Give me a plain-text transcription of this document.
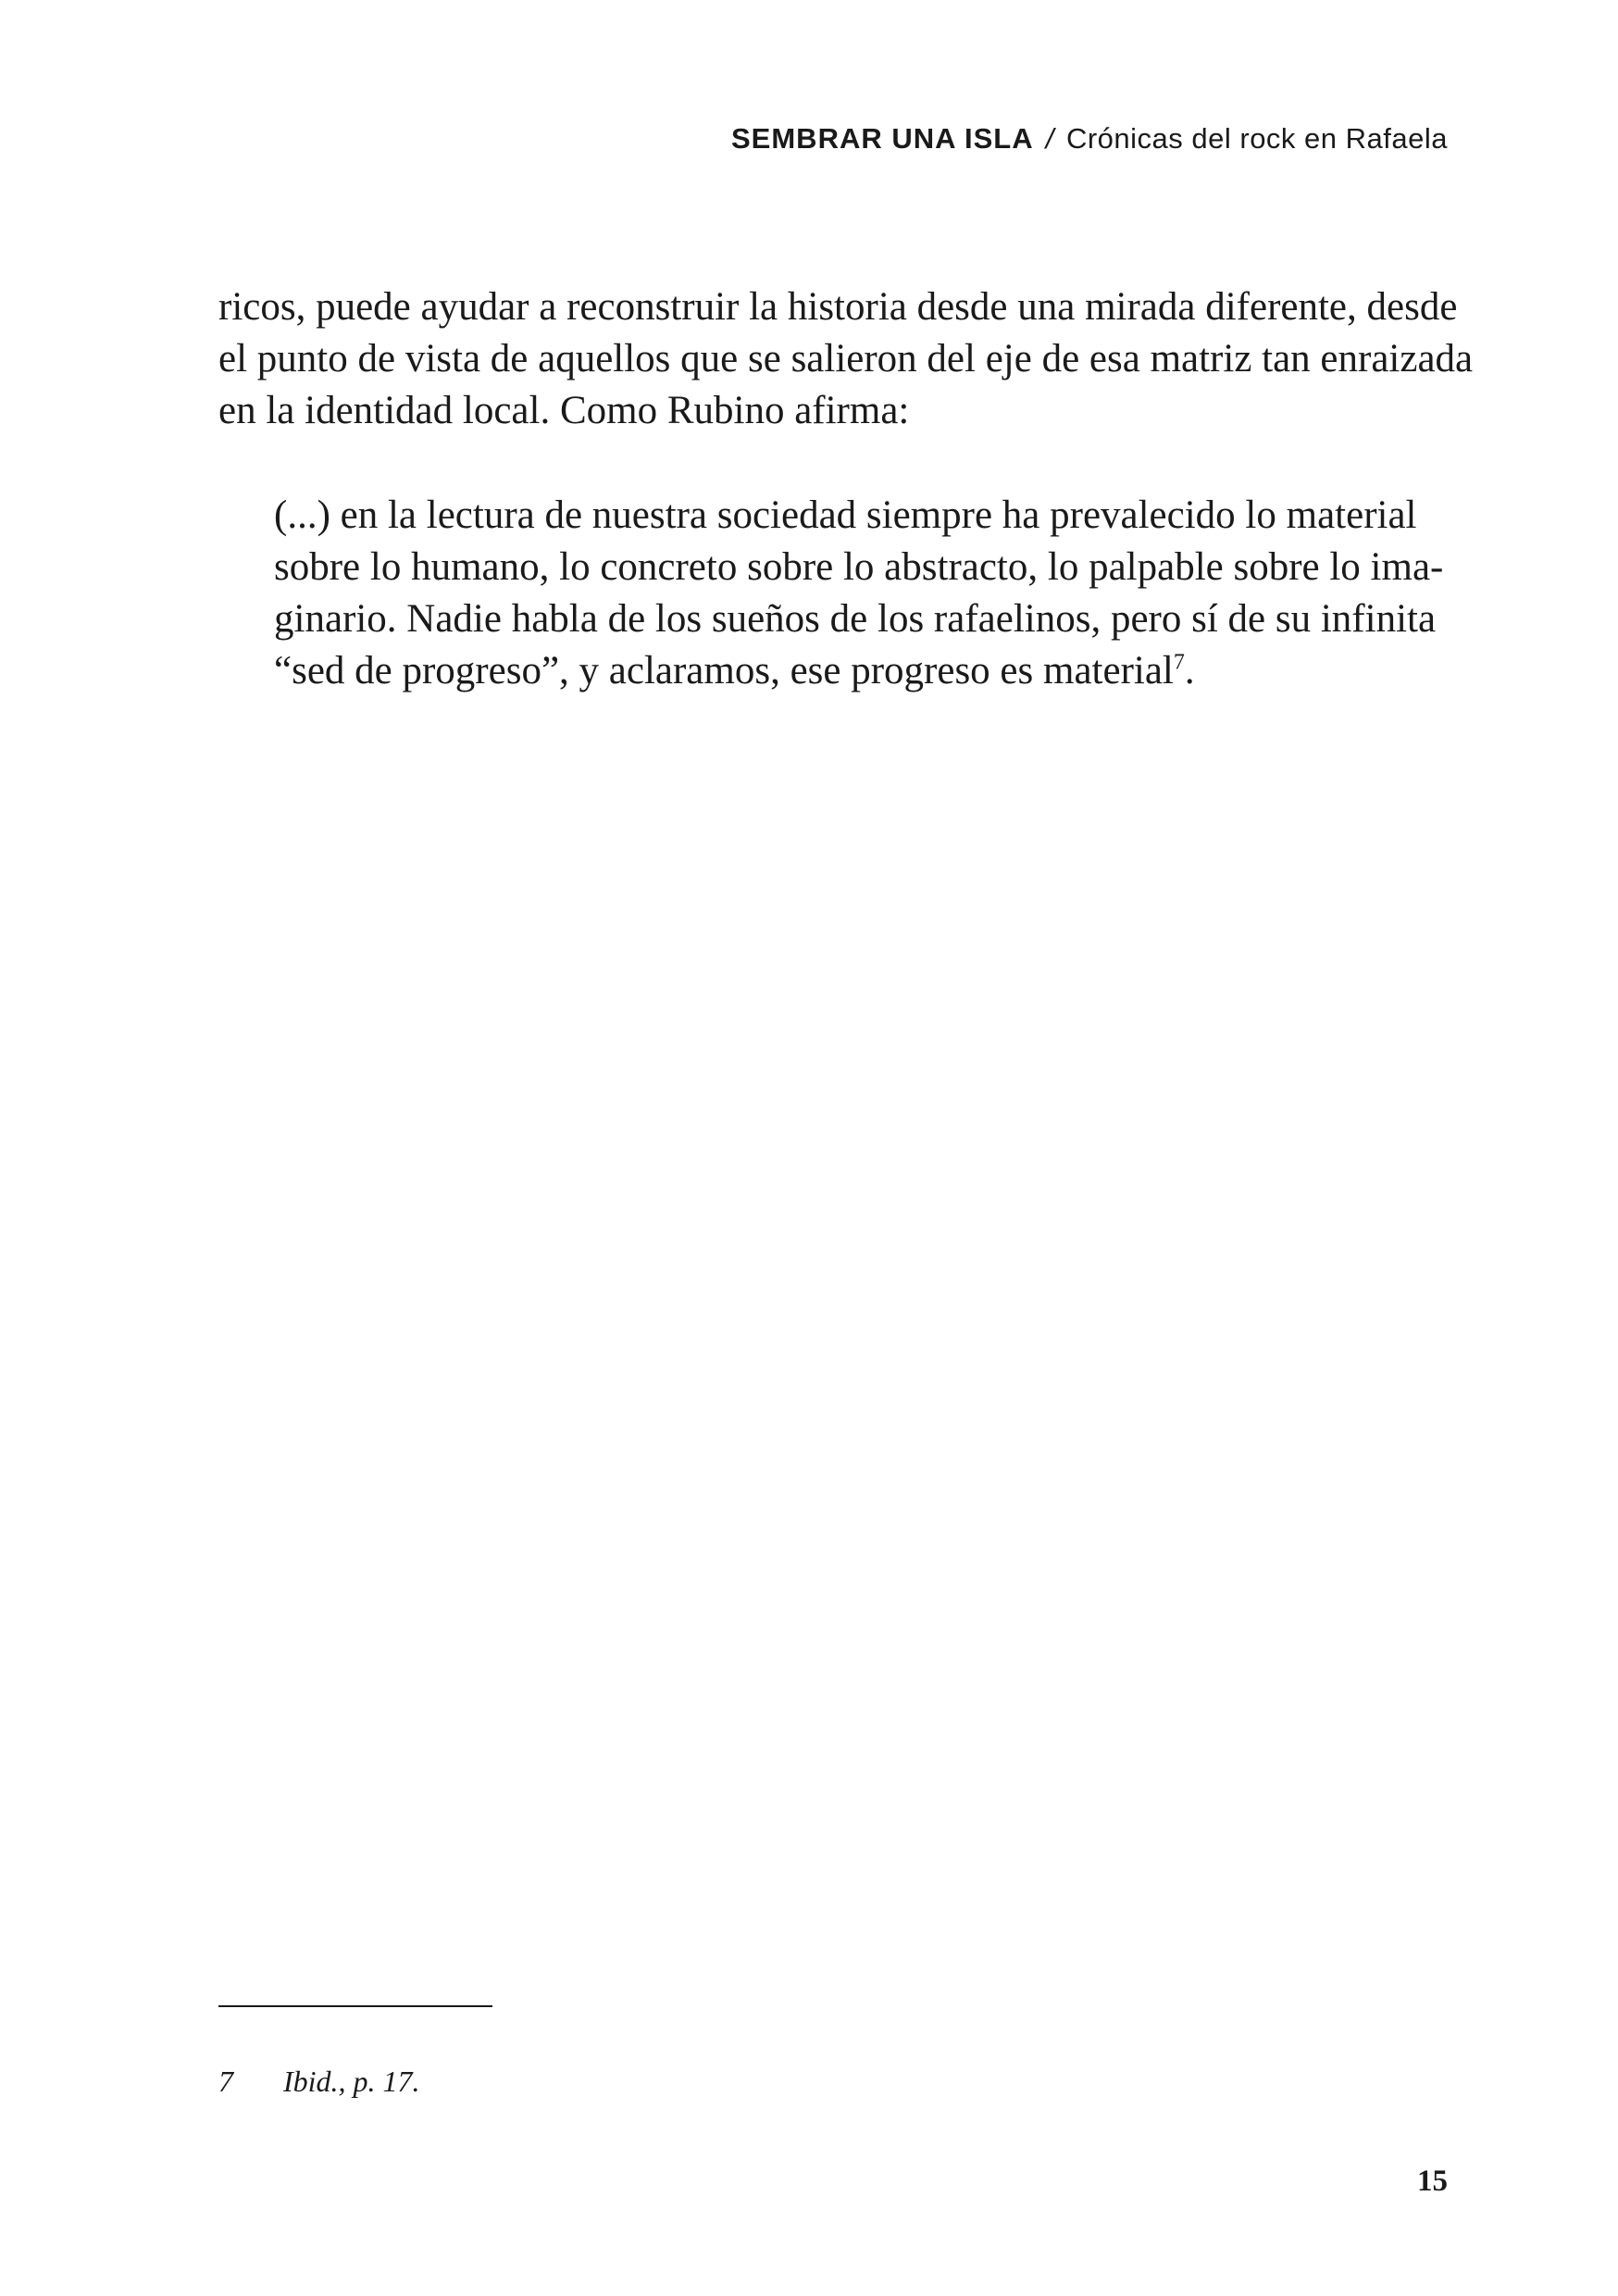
SEMBRAR UNA ISLA / Crónicas del rock en Rafaela

ricos, puede ayudar a reconstruir la historia desde una mirada diferente, desde
el punto de vista de aquellos que se salieron del eje de esa matriz tan enraizada
en la identidad local. Como Rubino afirma:

(...) en la lectura de nuestra sociedad siempre ha prevalecido lo material
sobre lo humano, lo concreto sobre lo abstracto, lo palpable sobre lo ima-
ginario. Nadie habla de los sueños de los rafaelinos, pero sí de su infinita
“sed de progreso”, y aclaramos, ese progreso es material$^7$.
7 Ibid., p. 17.
15
